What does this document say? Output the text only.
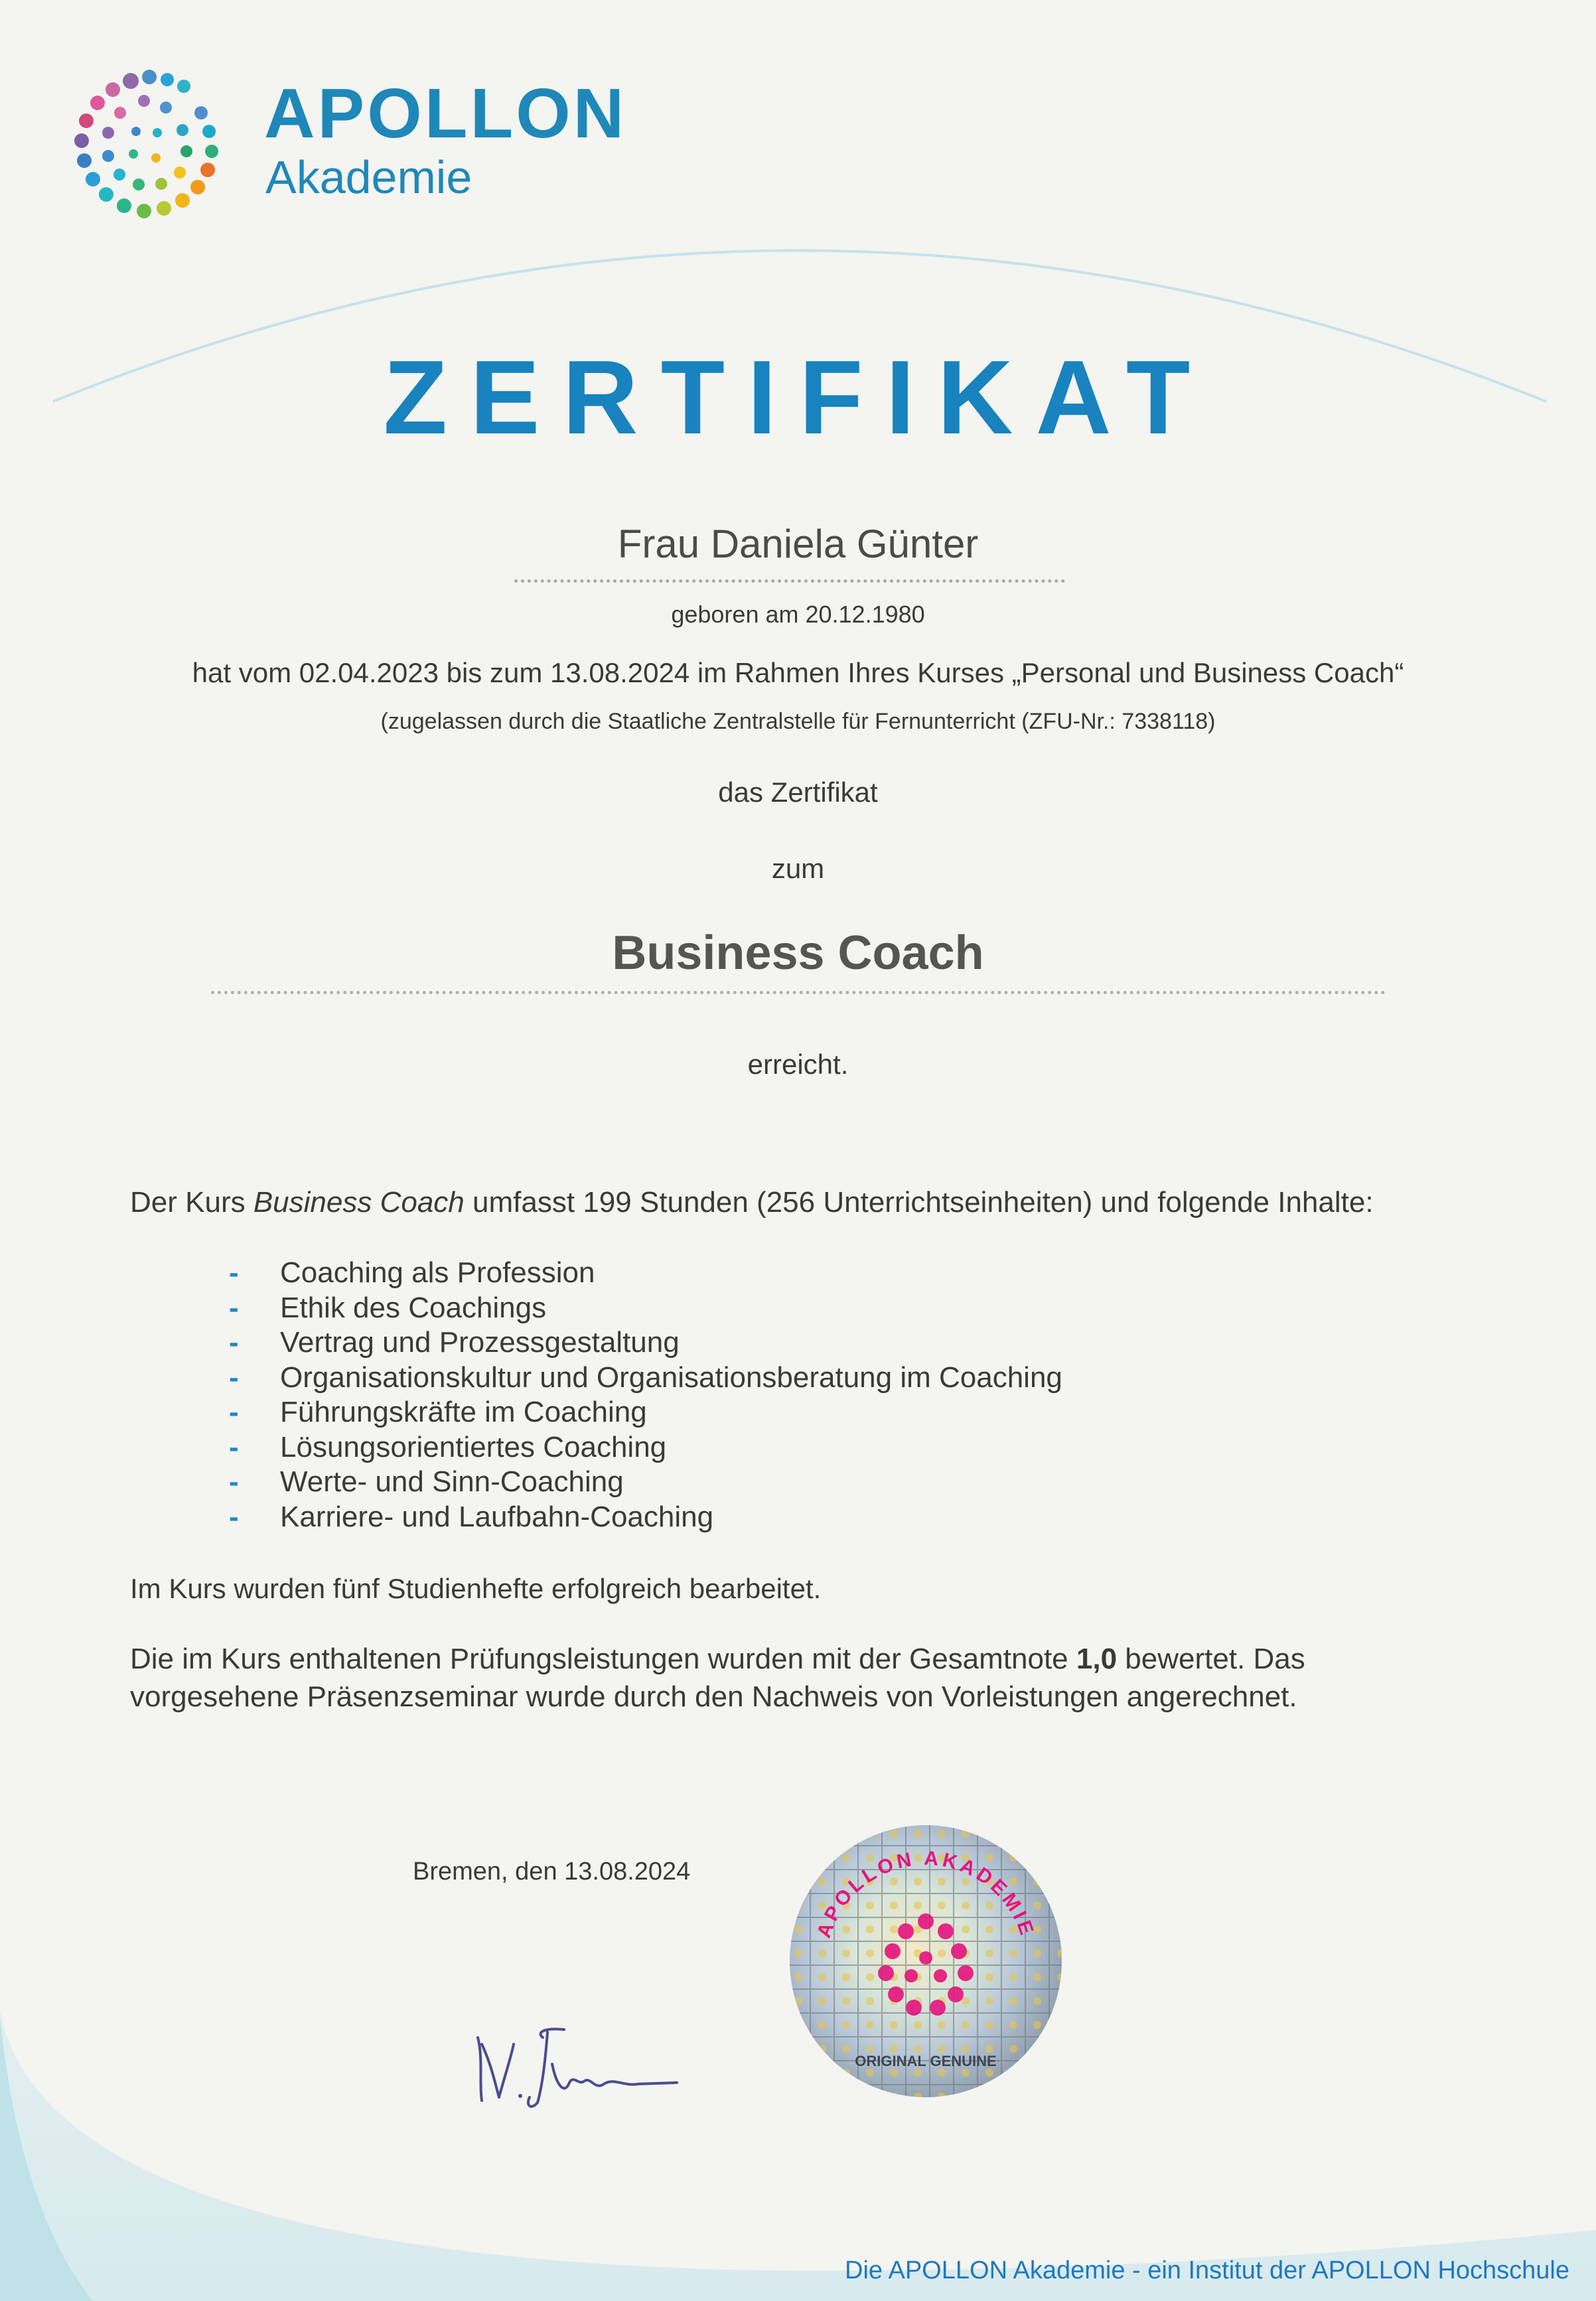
APOLLON
Akademie
ZERTIFIKAT
Frau Daniela Günter
geboren am 20.12.1980
hat vom 02.04.2023 bis zum 13.08.2024 im Rahmen Ihres Kurses „Personal und Business Coach“
(zugelassen durch die Staatliche Zentralstelle für Fernunterricht (ZFU-Nr.: 7338118)
das Zertifikat
zum
Business Coach
erreicht.
Der Kurs Business Coach umfasst 199 Stunden (256 Unterrichtseinheiten) und folgende Inhalte:
- Coaching als Profession
- Ethik des Coachings
- Vertrag und Prozessgestaltung
- Organisationskultur und Organisationsberatung im Coaching
- Führungskräfte im Coaching
- Lösungsorientiertes Coaching
- Werte- und Sinn-Coaching
- Karriere- und Laufbahn-Coaching
Im Kurs wurden fünf Studienhefte erfolgreich bearbeitet.
Die im Kurs enthaltenen Prüfungsleistungen wurden mit der Gesamtnote 1,0 bewertet. Das
vorgesehene Präsenzseminar wurde durch den Nachweis von Vorleistungen angerechnet.
Bremen, den 13.08.2024
APOLLON AKADEMIE
ORIGINAL GENUINE
Die APOLLON Akademie - ein Institut der APOLLON Hochschule
